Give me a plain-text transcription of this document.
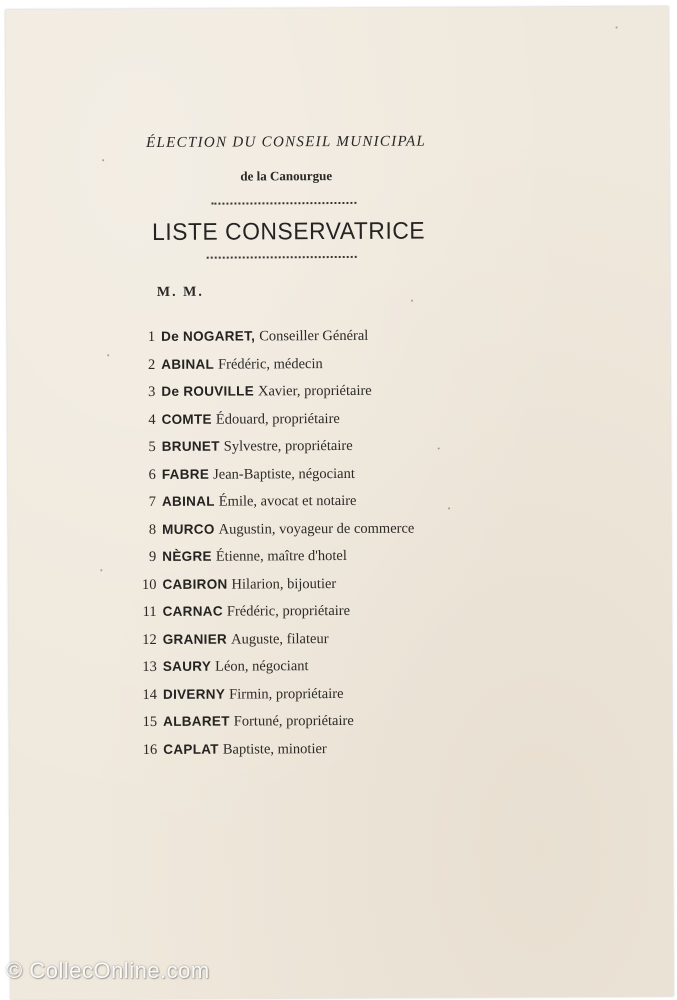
ÉLECTION DU CONSEIL MUNICIPAL
de la Canourgue
LISTE CONSERVATRICE
M. M.
1 De NOGARET, Conseiller Général
2 ABINAL Frédéric, médecin
3 De ROUVILLE Xavier, propriétaire
4 COMTE Édouard, propriétaire
5 BRUNET Sylvestre, propriétaire
6 FABRE Jean-Baptiste, négociant
7 ABINAL Émile, avocat et notaire
8 MURCO Augustin, voyageur de commerce
9 NÈGRE Étienne, maître d'hotel
10 CABIRON Hilarion, bijoutier
11 CARNAC Frédéric, propriétaire
12 GRANIER Auguste, filateur
13 SAURY Léon, négociant
14 DIVERNY Firmin, propriétaire
15 ALBARET Fortuné, propriétaire
16 CAPLAT Baptiste, minotier
© CollecOnline.com
